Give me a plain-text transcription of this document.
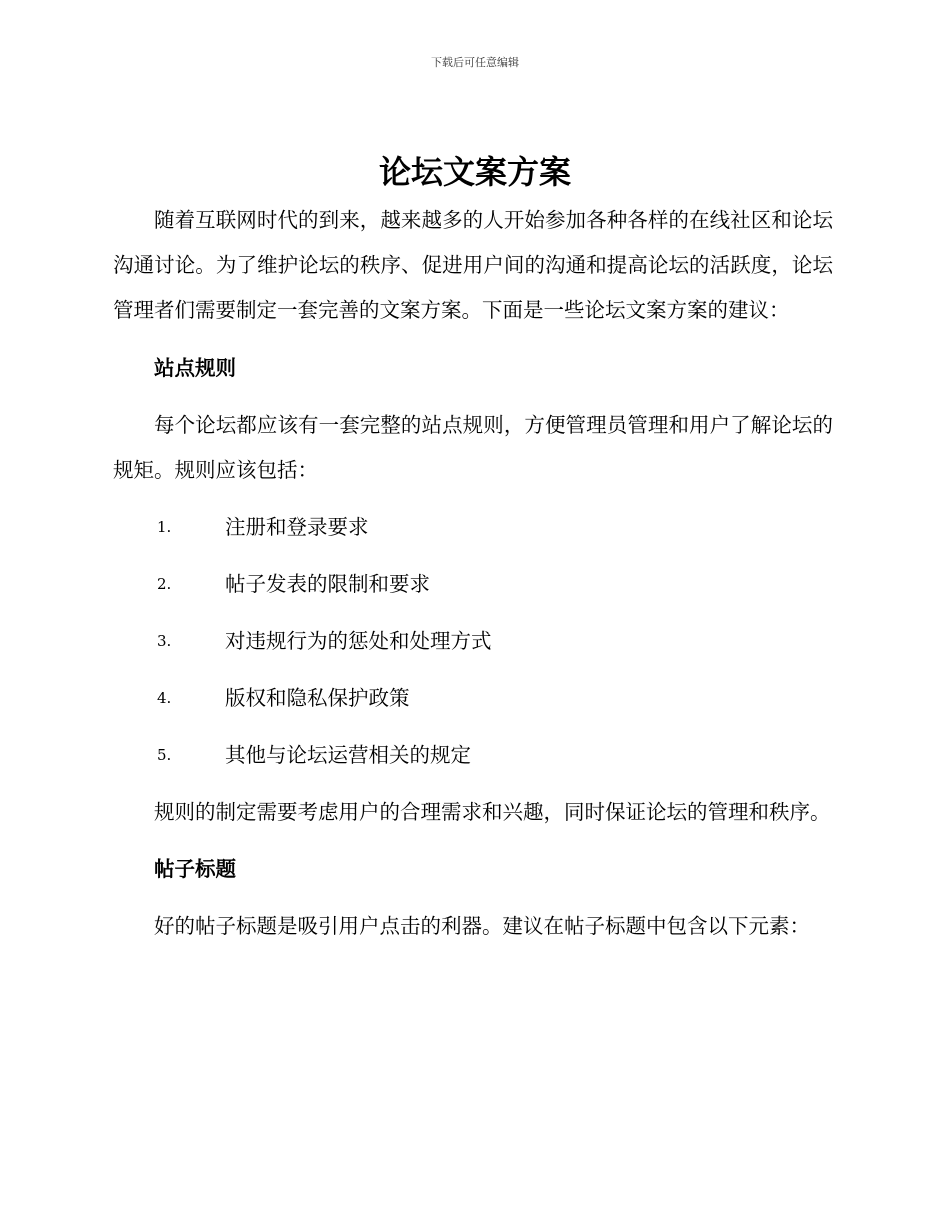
下载后可任意编辑
论坛文案方案

随着互联网时代的到来，越来越多的人开始参加各种各样的在线社区和论坛沟通讨论。为了维护论坛的秩序、促进用户间的沟通和提高论坛的活跃度，论坛管理者们需要制定一套完善的文案方案。下面是一些论坛文案方案的建议：

站点规则

每个论坛都应该有一套完整的站点规则，方便管理员管理和用户了解论坛的规矩。规则应该包括：

1.	注册和登录要求
2.	帖子发表的限制和要求
3.	对违规行为的惩处和处理方式
4.	版权和隐私保护政策
5.	其他与论坛运营相关的规定

规则的制定需要考虑用户的合理需求和兴趣，同时保证论坛的管理和秩序。

帖子标题

好的帖子标题是吸引用户点击的利器。建议在帖子标题中包含以下元素：
